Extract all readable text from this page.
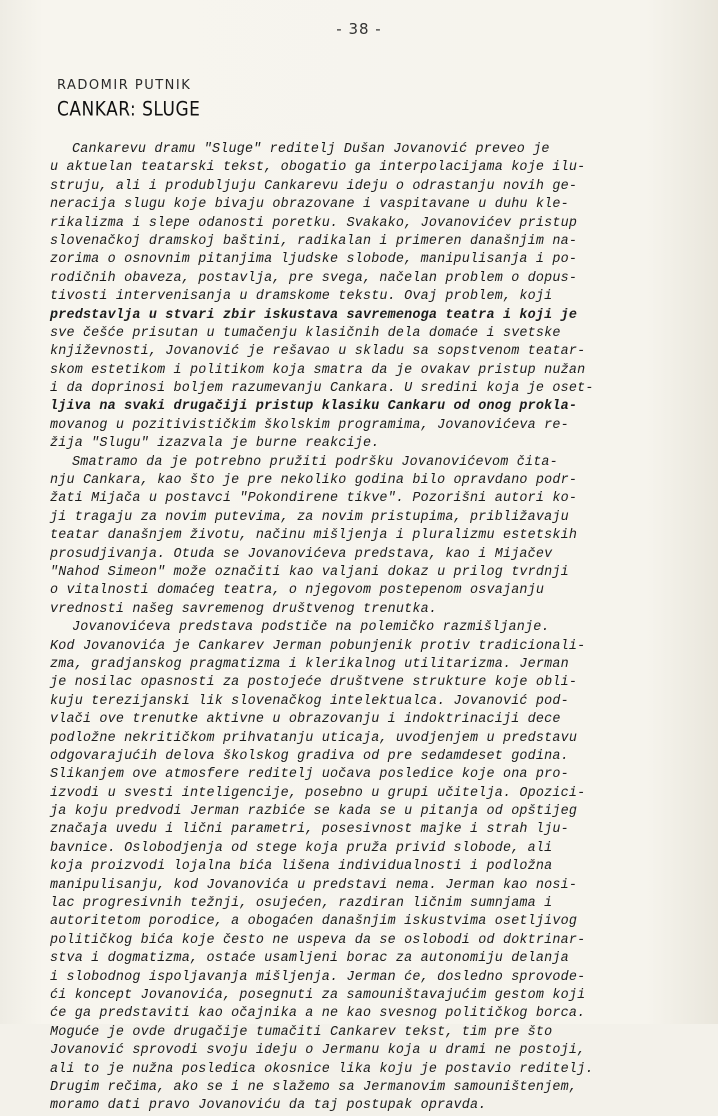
- 38 -
RADOMIR PUTNIK
CANKAR: SLUGE
Cankarevu dramu "Sluge" reditelj Dušan Jovanović preveo je
u aktuelan teatarski tekst, obogatio ga interpolacijama koje ilu-
struju, ali i produbljuju Cankarevu ideju o odrastanju novih ge-
neracija slugu koje bivaju obrazovane i vaspitavane u duhu kle-
rikalizma i slepe odanosti poretku. Svakako, Jovanovićev pristup
slovenačkoj dramskoj baštini, radikalan i primeren današnjim na-
zorima o osnovnim pitanjima ljudske slobode, manipulisanja i po-
rodičnih obaveza, postavlja, pre svega, načelan problem o dopus-
tivosti intervenisanja u dramskome tekstu. Ovaj problem, koji
predstavlja u stvari zbir iskustava savremenoga teatra i koji je
sve češće prisutan u tumačenju klasičnih dela domaće i svetske
književnosti, Jovanović je rešavao u skladu sa sopstvenom teatar-
skom estetikom i politikom koja smatra da je ovakav pristup nužan
i da doprinosi boljem razumevanju Cankara. U sredini koja je oset-
ljiva na svaki drugačiji pristup klasiku Cankaru od onog prokla-
movanog u pozitivističkim školskim programima, Jovanovićeva re-
žija "Slugu" izazvala je burne reakcije.
Smatramo da je potrebno pružiti podršku Jovanovićevom čita-
nju Cankara, kao što je pre nekoliko godina bilo opravdano podr-
žati Mijača u postavci "Pokondirene tikve". Pozorišni autori ko-
ji tragaju za novim putevima, za novim pristupima, približavaju
teatar današnjem životu, načinu mišljenja i pluralizmu estetskih
prosudjivanja. Otuda se Jovanovićeva predstava, kao i Mijačev
"Nahod Simeon" može označiti kao valjani dokaz u prilog tvrdnji
o vitalnosti domaćeg teatra, o njegovom postepenom osvajanju
vrednosti našeg savremenog društvenog trenutka.
Jovanovićeva predstava podstiče na polemičko razmišljanje.
Kod Jovanovića je Cankarev Jerman pobunjenik protiv tradicionali-
zma, gradjanskog pragmatizma i klerikalnog utilitarizma. Jerman
je nosilac opasnosti za postojeće društvene strukture koje obli-
kuju terezijanski lik slovenačkog intelektualca. Jovanović pod-
vlači ove trenutke aktivne u obrazovanju i indoktrinaciji dece
podložne nekritičkom prihvatanju uticaja, uvodjenjem u predstavu
odgovarajućih delova školskog gradiva od pre sedamdeset godina.
Slikanjem ove atmosfere reditelj uočava posledice koje ona pro-
izvodi u svesti inteligencije, posebno u grupi učitelja. Opozici-
ja koju predvodi Jerman razbiće se kada se u pitanja od opštijeg
značaja uvedu i lični parametri, posesivnost majke i strah lju-
bavnice. Oslobodjenja od stege koja pruža privid slobode, ali
koja proizvodi lojalna bića lišena individualnosti i podložna
manipulisanju, kod Jovanovića u predstavi nema. Jerman kao nosi-
lac progresivnih težnji, osujećen, razdiran ličnim sumnjama i
autoritetom porodice, a obogaćen današnjim iskustvima osetljivog
političkog bića koje često ne uspeva da se oslobodi od doktrinar-
stva i dogmatizma, ostaće usamljeni borac za autonomiju delanja
i slobodnog ispoljavanja mišljenja. Jerman će, dosledno sprovode-
ći koncept Jovanovića, posegnuti za samouništavajućim gestom koji
će ga predstaviti kao očajnika a ne kao svesnog političkog borca.
Moguće je ovde drugačije tumačiti Cankarev tekst, tim pre što
Jovanović sprovodi svoju ideju o Jermanu koja u drami ne postoji,
ali to je nužna posledica okosnice lika koju je postavio reditelj.
Drugim rečima, ako se i ne slažemo sa Jermanovim samouništenjem,
moramo dati pravo Jovanoviću da taj postupak opravda.
